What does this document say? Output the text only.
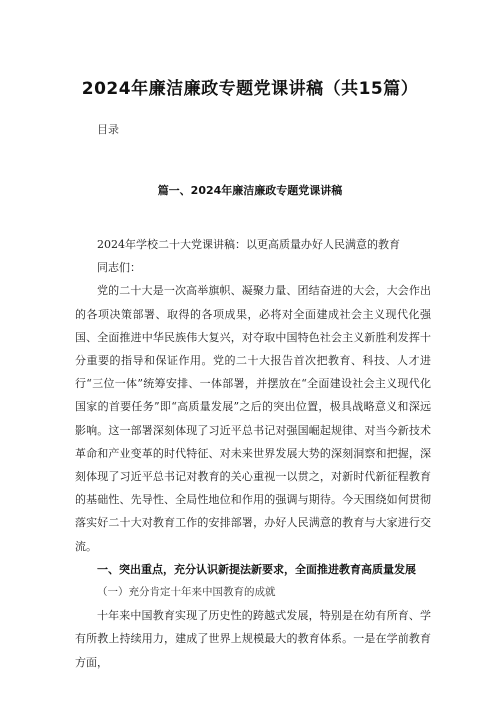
2024年廉洁廉政专题党课讲稿（共15篇）
目录
篇一、2024年廉洁廉政专题党课讲稿

2024年学校二十大党课讲稿：以更高质量办好人民满意的教育

同志们：

党的二十大是一次高举旗帜、凝聚力量、团结奋进的大会，大会作出的各项决策部署、取得的各项成果，必将对全面建成社会主义现代化强国、全面推进中华民族伟大复兴，对夺取中国特色社会主义新胜利发挥十分重要的指导和保证作用。党的二十大报告首次把教育、科技、人才进行“三位一体”统筹安排、一体部署，并摆放在“全面建设社会主义现代化国家的首要任务”即“高质量发展”之后的突出位置，极具战略意义和深远影响。这一部署深刻体现了习近平总书记对强国崛起规律、对当今新技术革命和产业变革的时代特征、对未来世界发展大势的深刻洞察和把握，深刻体现了习近平总书记对教育的关心重视一以贯之，对新时代新征程教育的基础性、先导性、全局性地位和作用的强调与期待。今天围绕如何贯彻落实好二十大对教育工作的安排部署，办好人民满意的教育与大家进行交流。

一、突出重点，充分认识新提法新要求，全面推进教育高质量发展

（一）充分肯定十年来中国教育的成就

十年来中国教育实现了历史性的跨越式发展，特别是在幼有所育、学有所教上持续用力，建成了世界上规模最大的教育体系。一是在学前教育方面，
